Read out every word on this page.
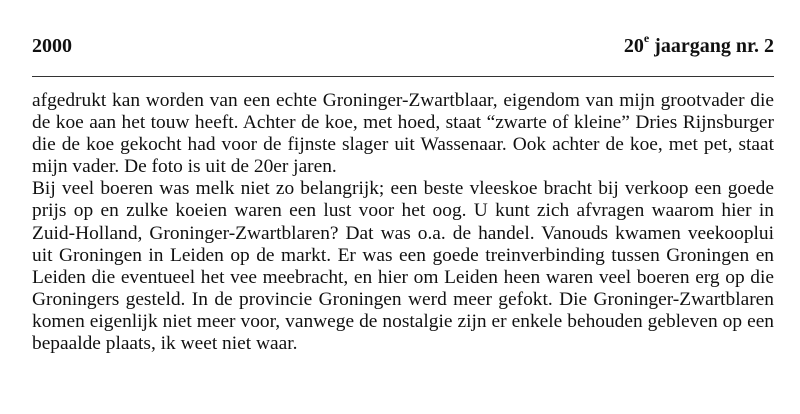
2000	20e jaargang nr. 2

afgedrukt kan worden van een echte Groninger-Zwartblaar, eigendom van mijn grootvader die de koe aan het touw heeft. Achter de koe, met hoed, staat “zwarte of kleine” Dries Rijnsburger die de koe gekocht had voor de fijnste slager uit Wassenaar. Ook achter de koe, met pet, staat mijn vader. De foto is uit de 20er jaren.

Bij veel boeren was melk niet zo belangrijk; een beste vleeskoe bracht bij verkoop een goede prijs op en zulke koeien waren een lust voor het oog. U kunt zich afvragen waarom hier in Zuid-Holland, Groninger-Zwartblaren? Dat was o.a. de handel. Vanouds kwamen veekooplui uit Groningen in Leiden op de markt. Er was een goede treinverbinding tussen Groningen en Leiden die eventueel het vee meebracht, en hier om Leiden heen waren veel boeren erg op die Groningers gesteld. In de provincie Groningen werd meer gefokt. Die Groninger-Zwartblaren komen eigenlijk niet meer voor, vanwege de nostalgie zijn er enkele behouden gebleven op een bepaalde plaats, ik weet niet waar.
